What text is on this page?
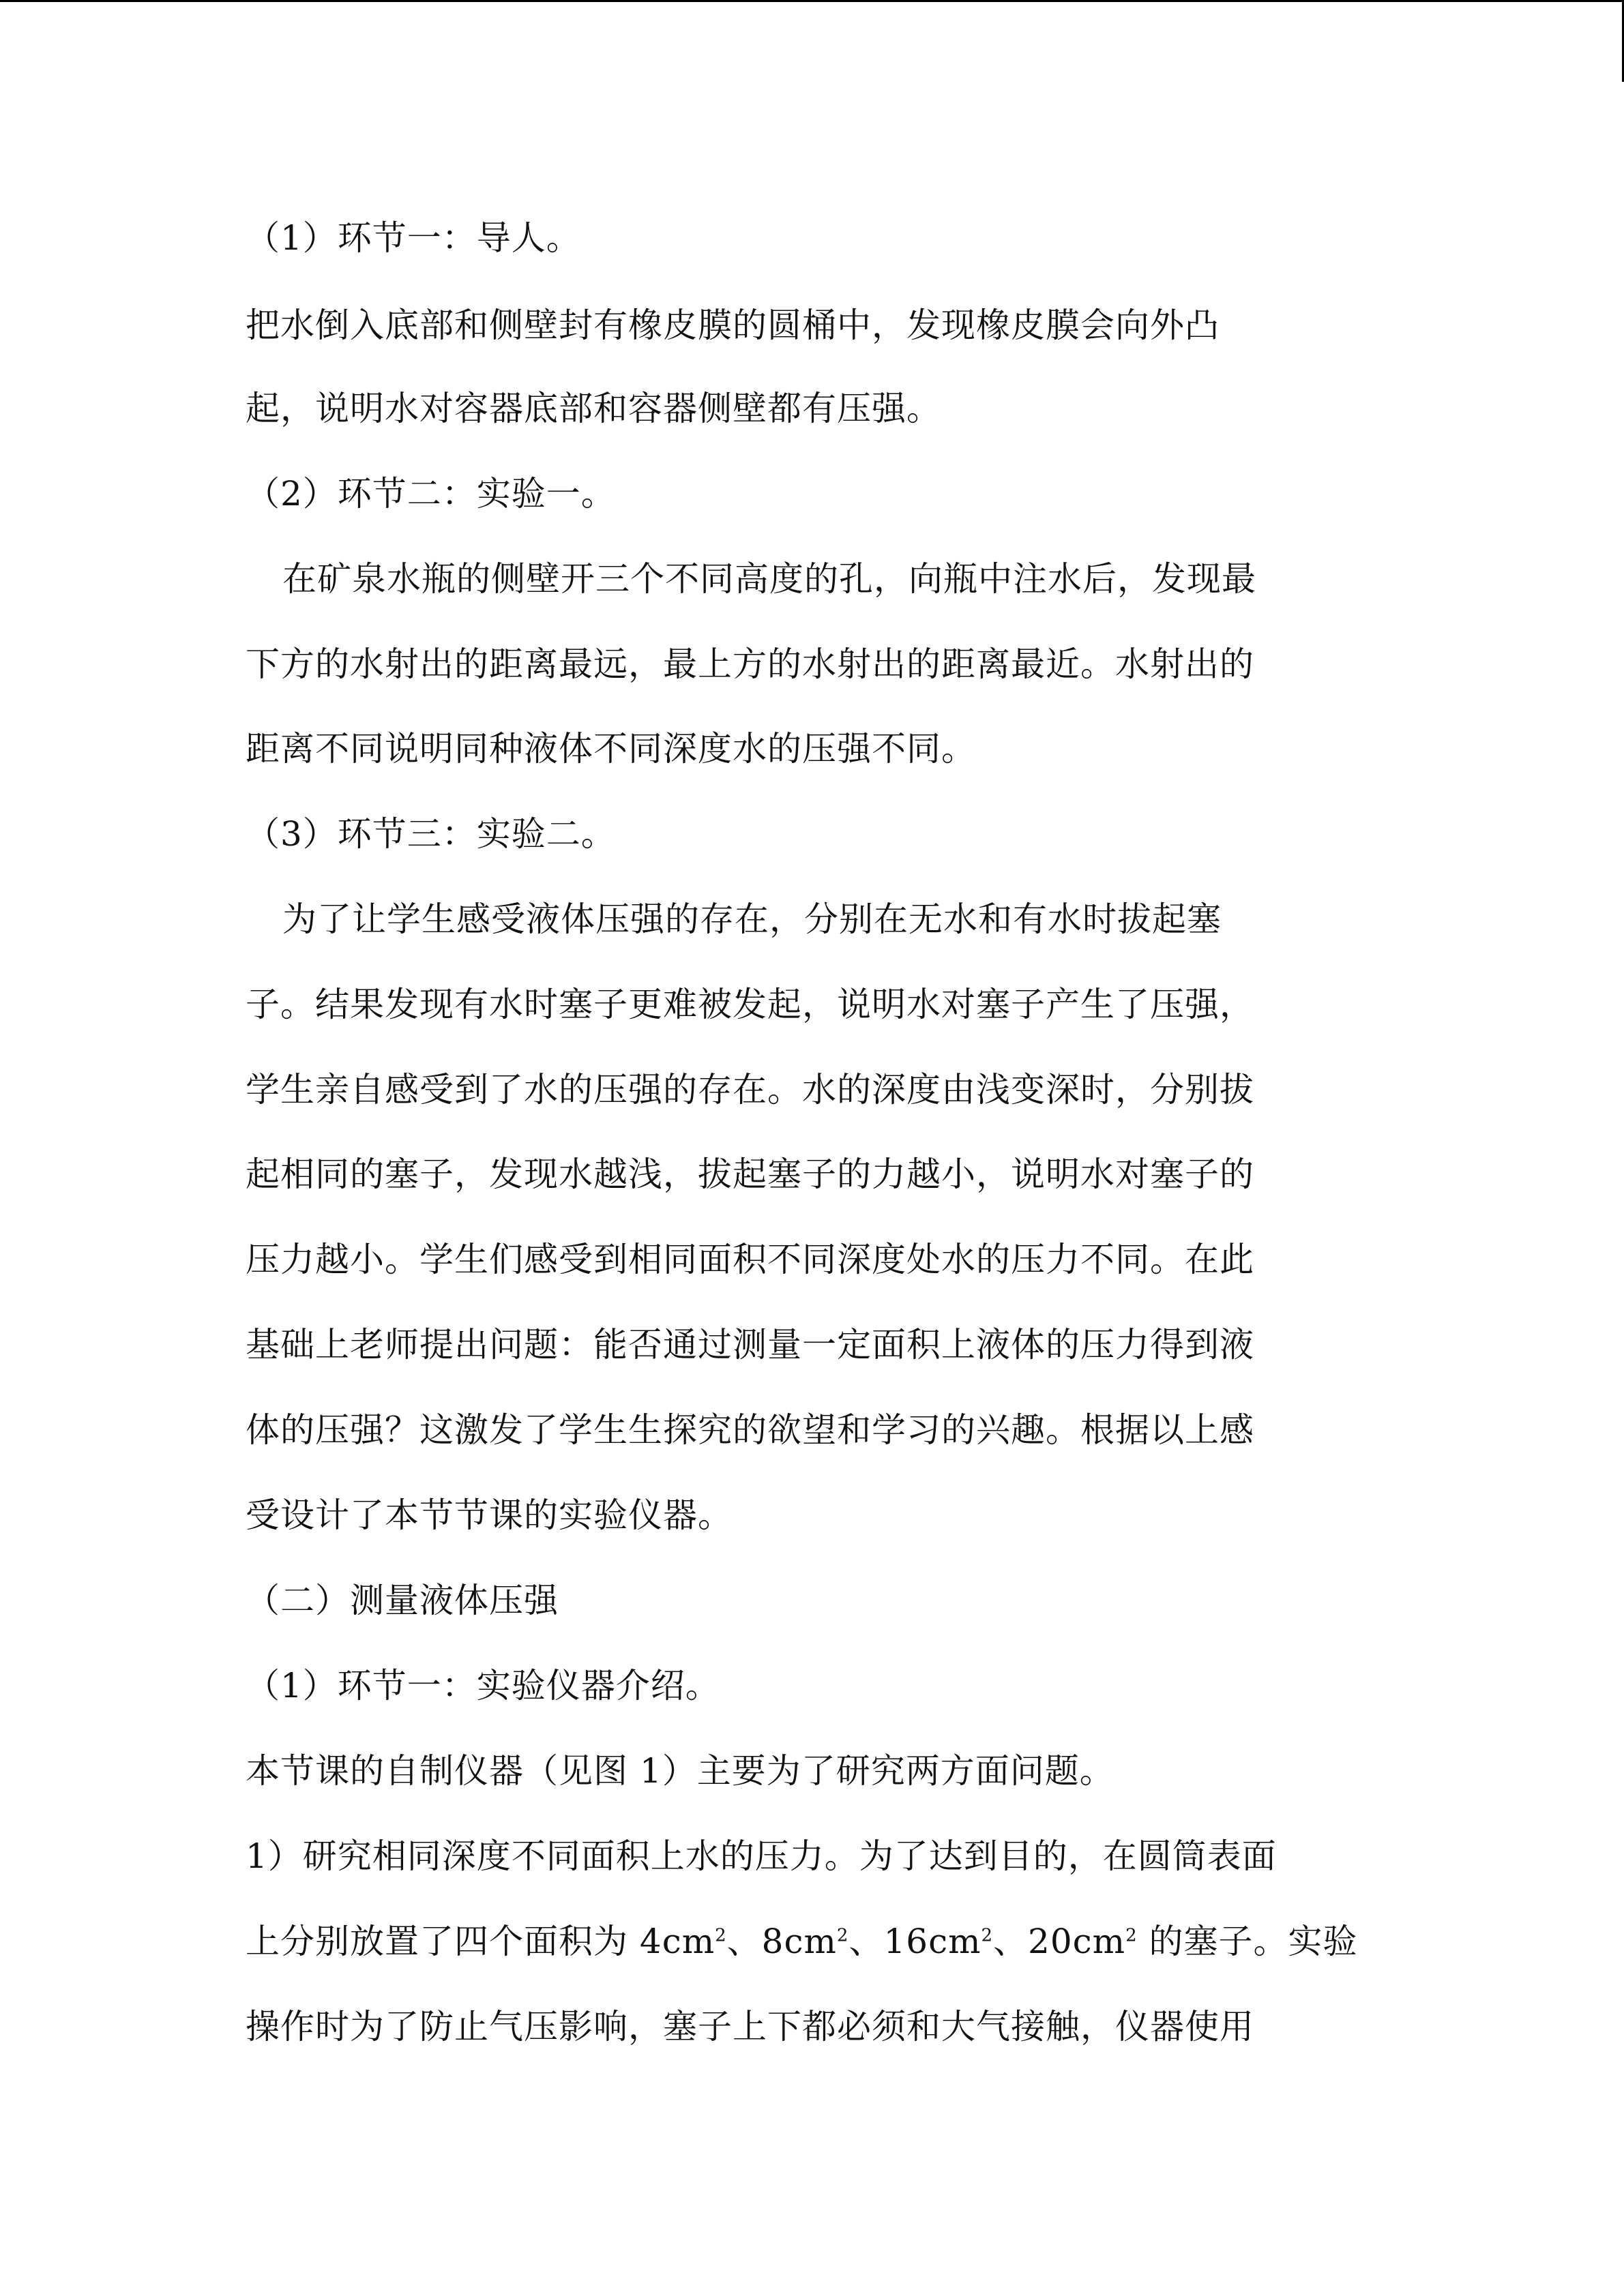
（1）环节一：导人。

把水倒入底部和侧壁封有橡皮膜的圆桶中，发现橡皮膜会向外凸

起，说明水对容器底部和容器侧壁都有压强。

（2）环节二：实验一。

在矿泉水瓶的侧壁开三个不同高度的孔，向瓶中注水后，发现最

下方的水射出的距离最远，最上方的水射出的距离最近。水射出的

距离不同说明同种液体不同深度水的压强不同。

（3）环节三：实验二。

为了让学生感受液体压强的存在，分别在无水和有水时拔起塞

子。结果发现有水时塞子更难被发起，说明水对塞子产生了压强，

学生亲自感受到了水的压强的存在。水的深度由浅变深时，分别拔

起相同的塞子，发现水越浅，拔起塞子的力越小，说明水对塞子的

压力越小。学生们感受到相同面积不同深度处水的压力不同。在此

基础上老师提出问题：能否通过测量一定面积上液体的压力得到液

体的压强？这激发了学生生探究的欲望和学习的兴趣。根据以上感

受设计了本节节课的实验仪器。

（二）测量液体压强

（1）环节一：实验仪器介绍。

本节课的自制仪器（见图 1）主要为了研究两方面问题。

1）研究相同深度不同面积上水的压力。为了达到目的，在圆筒表面

上分别放置了四个面积为 $4cm^2$、$8cm^2$、$16cm^2$、$20cm^2$ 的塞子。实验

操作时为了防止气压影响，塞子上下都必须和大气接触，仪器使用
